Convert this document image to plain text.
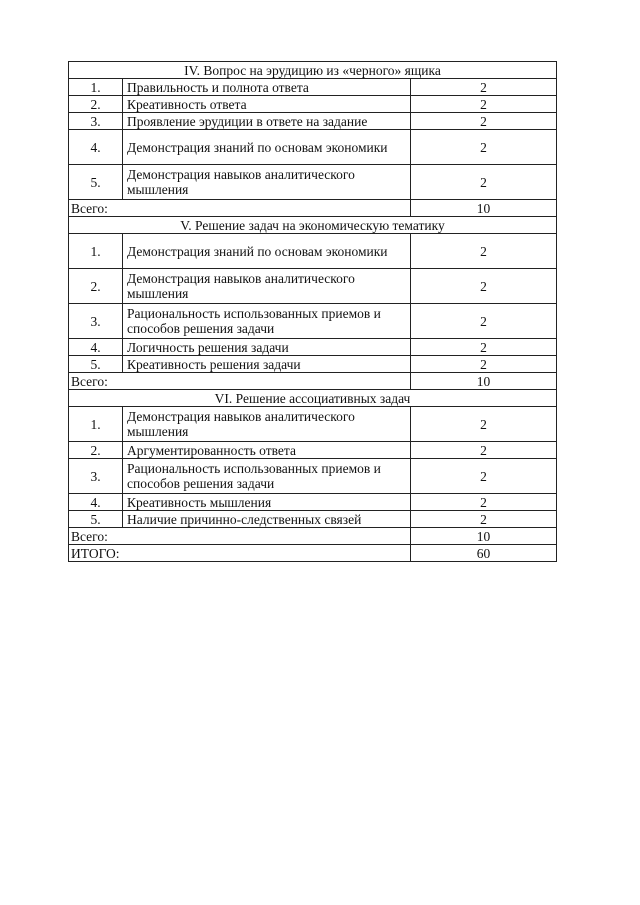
IV. Вопрос на эрудицию из «черного» ящика		
1.	Правильность и полнота ответа	2
2.	Креативность ответа	2
3.	Проявление эрудиции в ответе на задание	2
4.	Демонстрация знаний по основам экономики	2
5.	Демонстрация навыков аналитического мышления	2
Всего:		10
V. Решение задач на экономическую тематику		
1.	Демонстрация знаний по основам экономики	2
2.	Демонстрация навыков аналитического мышления	2
3.	Рациональность использованных приемов и способов решения задачи	2
4.	Логичность решения задачи	2
5.	Креативность решения задачи	2
Всего:		10
VI. Решение ассоциативных задач		
1.	Демонстрация навыков аналитического мышления	2
2.	Аргументированность ответа	2
3.	Рациональность использованных приемов и способов решения задачи	2
4.	Креативность мышления	2
5.	Наличие причинно-следственных связей	2
Всего:		10
ИТОГО:		60
